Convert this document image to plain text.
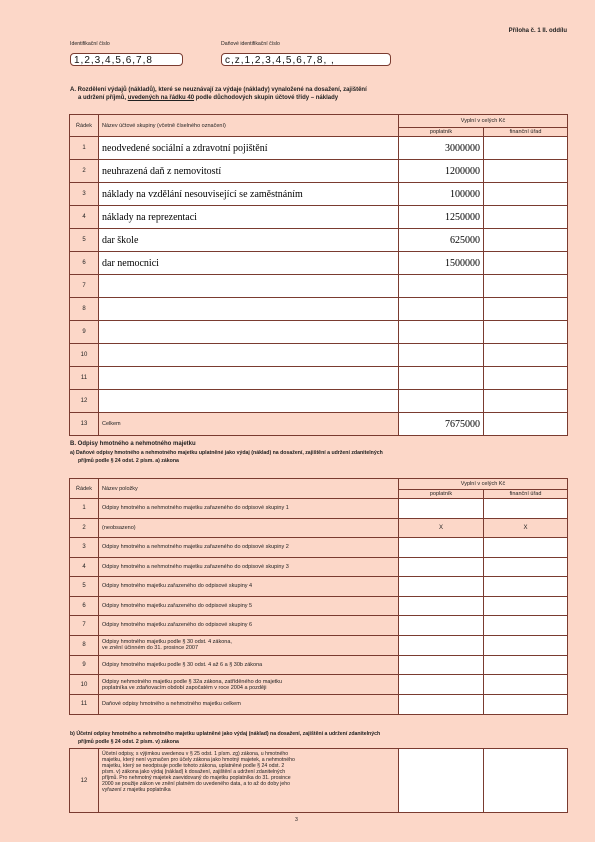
Příloha č. 1 II. oddílu
Identifikační číslo
1,2,3,4,5,6,7,8
Daňové identifikační číslo
c,z,1,2,3,4,5,6,7,8, ,
A. Rozdělení výdajů (nákladů), které se neuznávají za výdaje (náklady) vynaložené na dosažení, zajištění
a udržení příjmů, uvedených na řádku 40 podle důchodových skupin účtové třídy – náklady
Řádek	Název účtové skupiny (včetně číselného označení)	Vyplní v celých Kč	
		poplatník	finanční úřad
1	neodvedené sociální a zdravotní pojištění	3000000	
2	neuhrazená daň z nemovitostí	1200000	
3	náklady na vzdělání nesouvisející se zaměstnáním	100000	
4	náklady na reprezentaci	1250000	
5	dar škole	625000	
6	dar nemocnici	1500000	
7			
8			
9			
10			
11			
12			
13	Celkem	7675000	
B. Odpisy hmotného a nehmotného majetku
a) Daňové odpisy hmotného a nehmotného majetku uplatněné jako výdaj (náklad) na dosažení, zajištění a udržení zdanitelných
příjmů podle § 24 odst. 2 písm. a) zákona
Řádek	Název položky	Vyplní v celých Kč	
		poplatník	finanční úřad
1	Odpisy hmotného a nehmotného majetku zařazeného do odpisové skupiny 1		
2	(neobsazeno)	X	X
3	Odpisy hmotného a nehmotného majetku zařazeného do odpisové skupiny 2		
4	Odpisy hmotného a nehmotného majetku zařazeného do odpisové skupiny 3		
5	Odpisy hmotného majetku zařazeného do odpisové skupiny 4		
6	Odpisy hmotného majetku zařazeného do odpisové skupiny 5		
7	Odpisy hmotného majetku zařazeného do odpisové skupiny 6		
8	Odpisy hmotného majetku podle § 30 odst. 4 zákona,
ve znění účinném do 31. prosince 2007		

9	Odpisy hmotného majetku podle § 30 odst. 4 až 6 a § 30b zákona		
10	Odpisy nehmotného majetku podle § 32a zákona, zatříděného do majetku
poplatníka ve zdaňovacím období započatém v roce 2004 a později		

11	Daňové odpisy hmotného a nehmotného majetku celkem		
b) Účetní odpisy hmotného a nehmotného majetku uplatněné jako výdaj (náklad) na dosažení, zajištění a udržení zdanitelných
příjmů podle § 24 odst. 2 písm. v) zákona
12	
Účetní odpisy, s výjimkou uvedenou v § 25 odst. 1 písm. zg) zákona, u hmotného
majetku, který není vyznačen pro účely zákona jako hmotný majetek, a nehmotného
majetku, který se neodpisuje podle tohoto zákona, uplatněné podle § 24 odst. 2
písm. v) zákona jako výdaj (náklad) k dosažení, zajištění a udržení zdanitelných
příjmů. Pro nehmotný majetek zaevidovaný do majetku poplatníka do 31. prosince
2000 se použije zákon ve znění platném do uvedeného data, a to až do doby jeho
vyřazení z majetku poplatníka

3
